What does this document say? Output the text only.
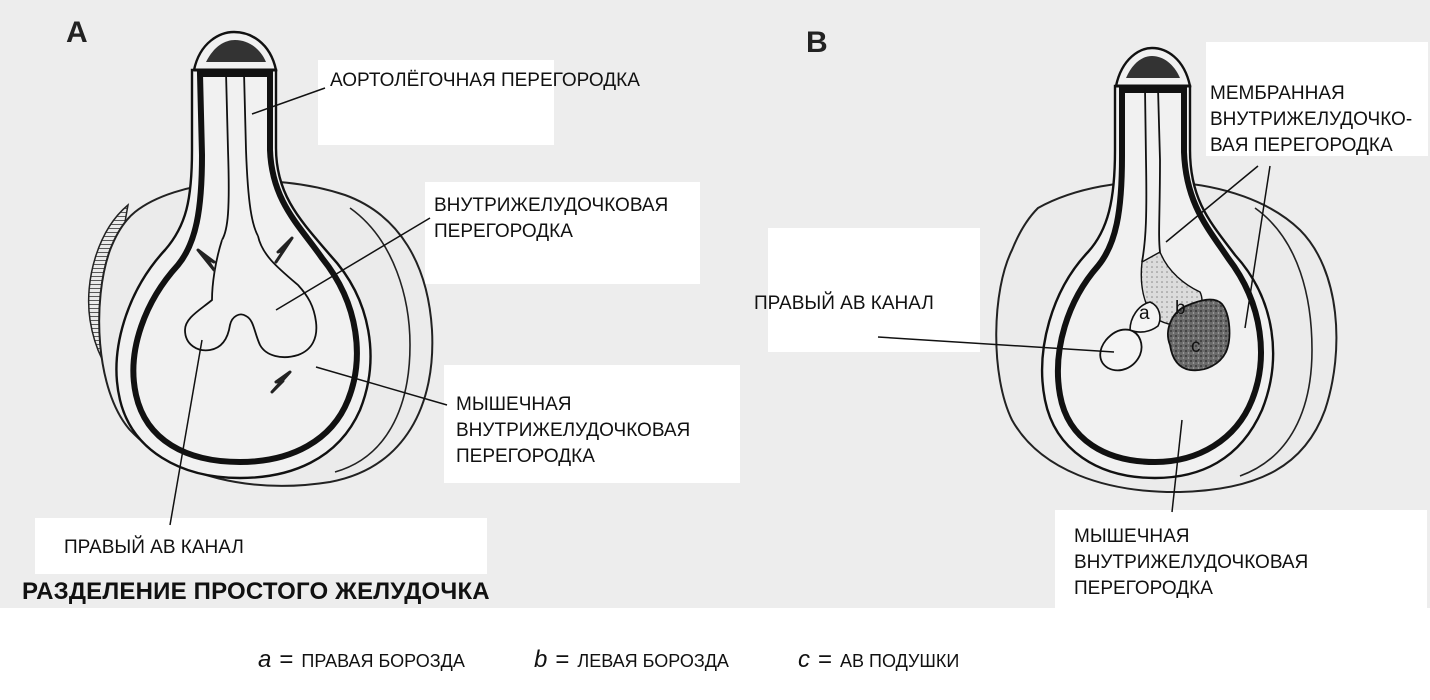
a b
c
A	B
АОРТОЛЁГОЧНАЯ ПЕРЕГОРОДКА
ВНУТРИЖЕЛУДОЧКОВАЯ
ПЕРЕГОРОДКА
МЫШЕЧНАЯ
ВНУТРИЖЕЛУДОЧКОВАЯ
ПЕРЕГОРОДКА
ПРАВЫЙ АВ КАНАЛ
МЕМБРАННАЯ
ВНУТРИЖЕЛУДОЧКО-
ВАЯ ПЕРЕГОРОДКА
ПРАВЫЙ АВ КАНАЛ
МЫШЕЧНАЯ
ВНУТРИЖЕЛУДОЧКОВАЯ
ПЕРЕГОРОДКА
РАЗДЕЛЕНИЕ ПРОСТОГО ЖЕЛУДОЧКА
a = ПРАВАЯ БОРОЗДА	b = ЛЕВАЯ БОРОЗДА	c = АВ ПОДУШКИ
